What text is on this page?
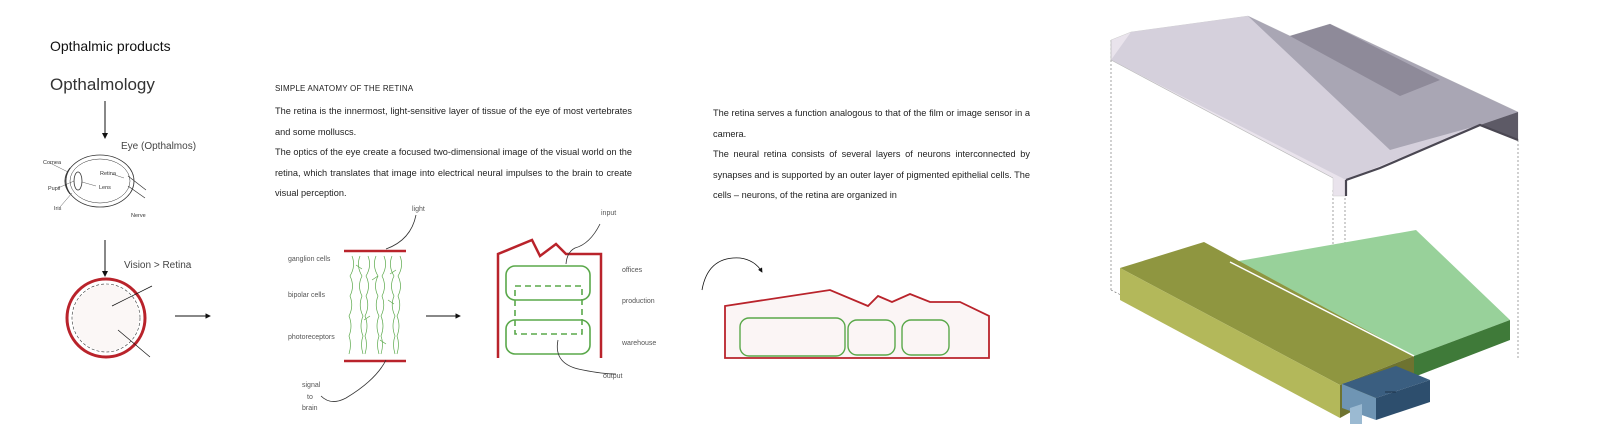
Opthalmic products
Opthalmology
Eye (Opthalmos)
Cornea
Pupil
Iris
Lens
Retina
Nerve
Vision > Retina
SIMPLE ANATOMY OF THE RETINA
The retina is the innermost, light-sensitive layer of tissue of the eye of most vertebrates and some molluscs.
The optics of the eye create a focused two-dimensional image of the visual world on the retina, which translates that image into electrical neural impulses to the brain to create visual perception.
The retina serves a function analogous to that of the film or image sensor in a camera.
The neural retina consists of several layers of neurons interconnected by synapses and is supported by an outer layer of pigmented epithelial cells. The cells – neurons, of the retina are organized in
light
ganglion cells
bipolar cells
photoreceptors
signal
to
brain
input
offices
production
warehouse
output
